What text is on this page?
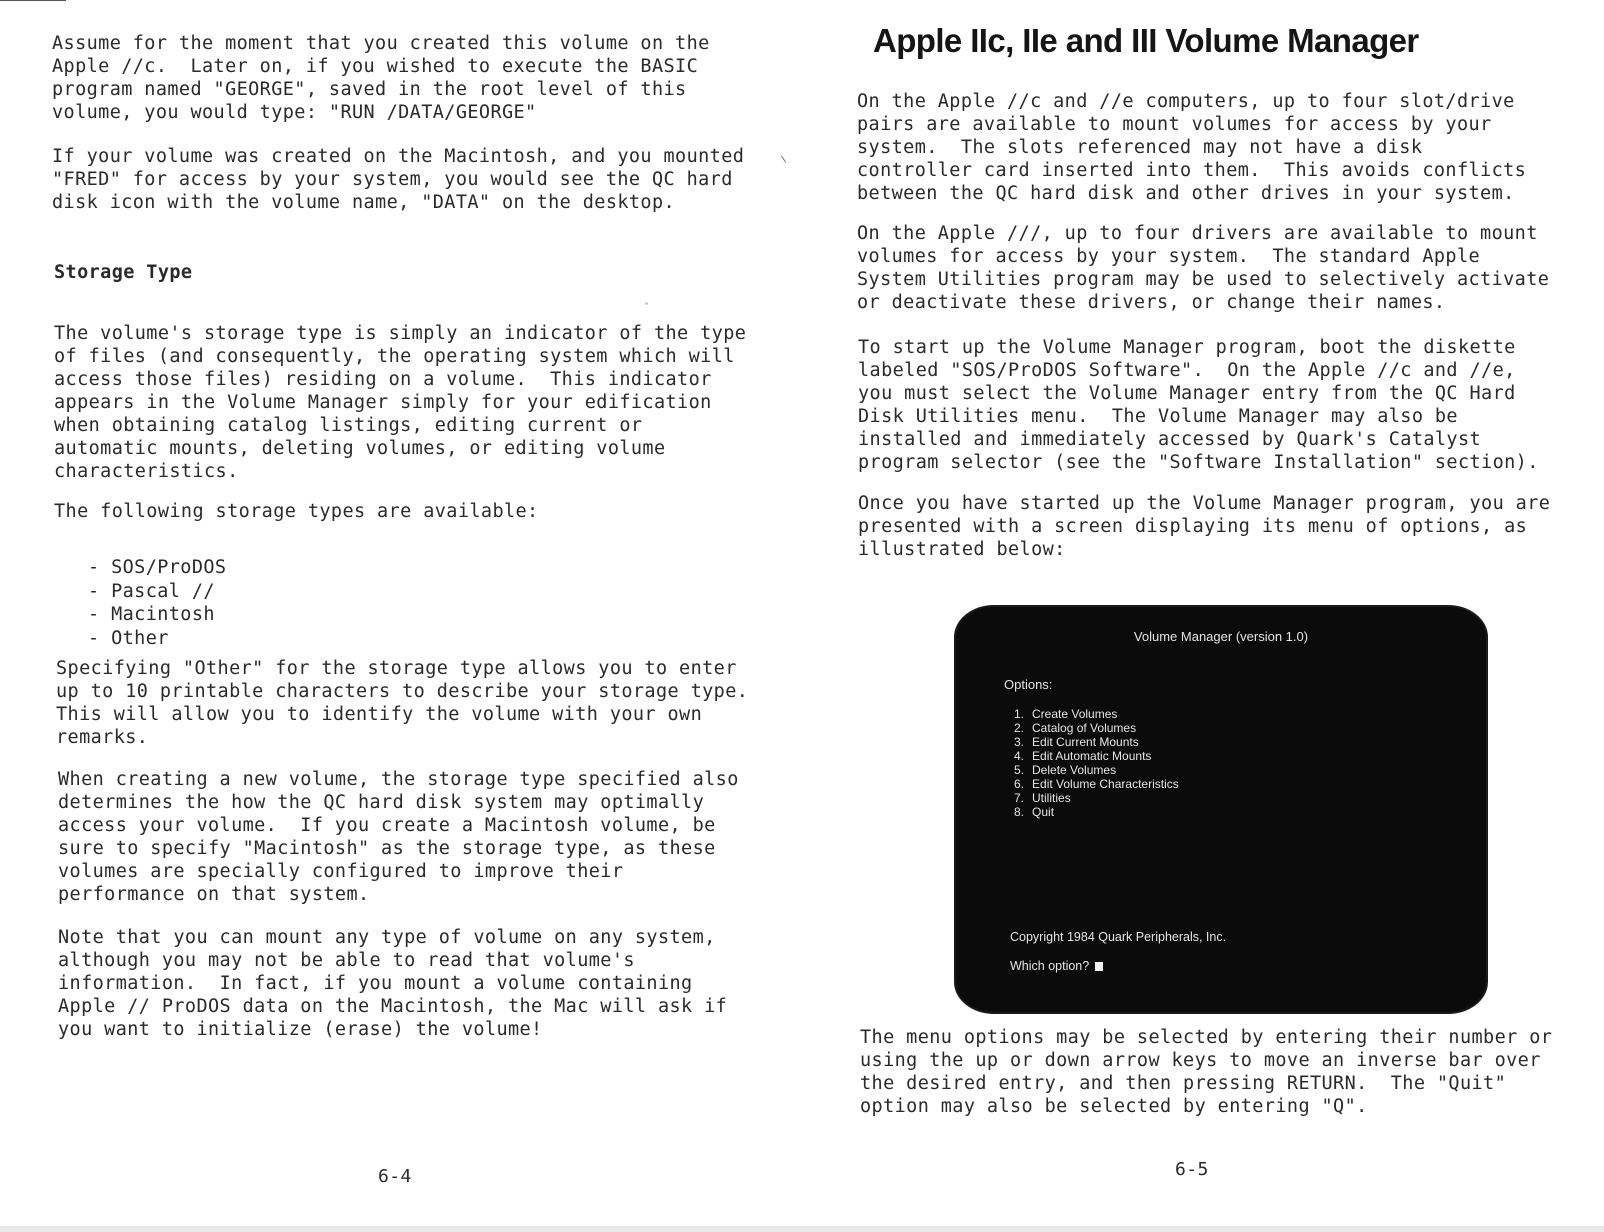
Assume for the moment that you created this volume on the
Apple //c.  Later on, if you wished to execute the BASIC
program named "GEORGE", saved in the root level of this
volume, you would type: "RUN /DATA/GEORGE"

If your volume was created on the Macintosh, and you mounted
"FRED" for access by your system, you would see the QC hard
disk icon with the volume name, "DATA" on the desktop.

Storage Type

The volume's storage type is simply an indicator of the type
of files (and consequently, the operating system which will
access those files) residing on a volume.  This indicator
appears in the Volume Manager simply for your edification
when obtaining catalog listings, editing current or
automatic mounts, deleting volumes, or editing volume
characteristics.

The following storage types are available:

- SOS/ProDOS
- Pascal //
- Macintosh
- Other

Specifying "Other" for the storage type allows you to enter
up to 10 printable characters to describe your storage type.
This will allow you to identify the volume with your own
remarks.

When creating a new volume, the storage type specified also
determines the how the QC hard disk system may optimally
access your volume.  If you create a Macintosh volume, be
sure to specify "Macintosh" as the storage type, as these
volumes are specially configured to improve their
performance on that system.

Note that you can mount any type of volume on any system,
although you may not be able to read that volume's
information.  In fact, if you mount a volume containing
Apple // ProDOS data on the Macintosh, the Mac will ask if
you want to initialize (erase) the volume!

6-4

Apple IIc, IIe and III Volume Manager

On the Apple //c and //e computers, up to four slot/drive
pairs are available to mount volumes for access by your
system.  The slots referenced may not have a disk
controller card inserted into them.  This avoids conflicts
between the QC hard disk and other drives in your system.

On the Apple ///, up to four drivers are available to mount
volumes for access by your system.  The standard Apple
System Utilities program may be used to selectively activate
or deactivate these drivers, or change their names.

To start up the Volume Manager program, boot the diskette
labeled "SOS/ProDOS Software".  On the Apple //c and //e,
you must select the Volume Manager entry from the QC Hard
Disk Utilities menu.  The Volume Manager may also be
installed and immediately accessed by Quark's Catalyst
program selector (see the "Software Installation" section).

Once you have started up the Volume Manager program, you are
presented with a screen displaying its menu of options, as
illustrated below:

The menu options may be selected by entering their number or
using the up or down arrow keys to move an inverse bar over
the desired entry, and then pressing RETURN.  The "Quit"
option may also be selected by entering "Q".

6-5

Volume Manager (version 1.0)

Options:

1. Create Volumes
2. Catalog of Volumes
3. Edit Current Mounts
4. Edit Automatic Mounts
5. Delete Volumes
6. Edit Volume Characteristics
7. Utilities
8. Quit

Copyright 1984 Quark Peripherals, Inc.

Which option?
